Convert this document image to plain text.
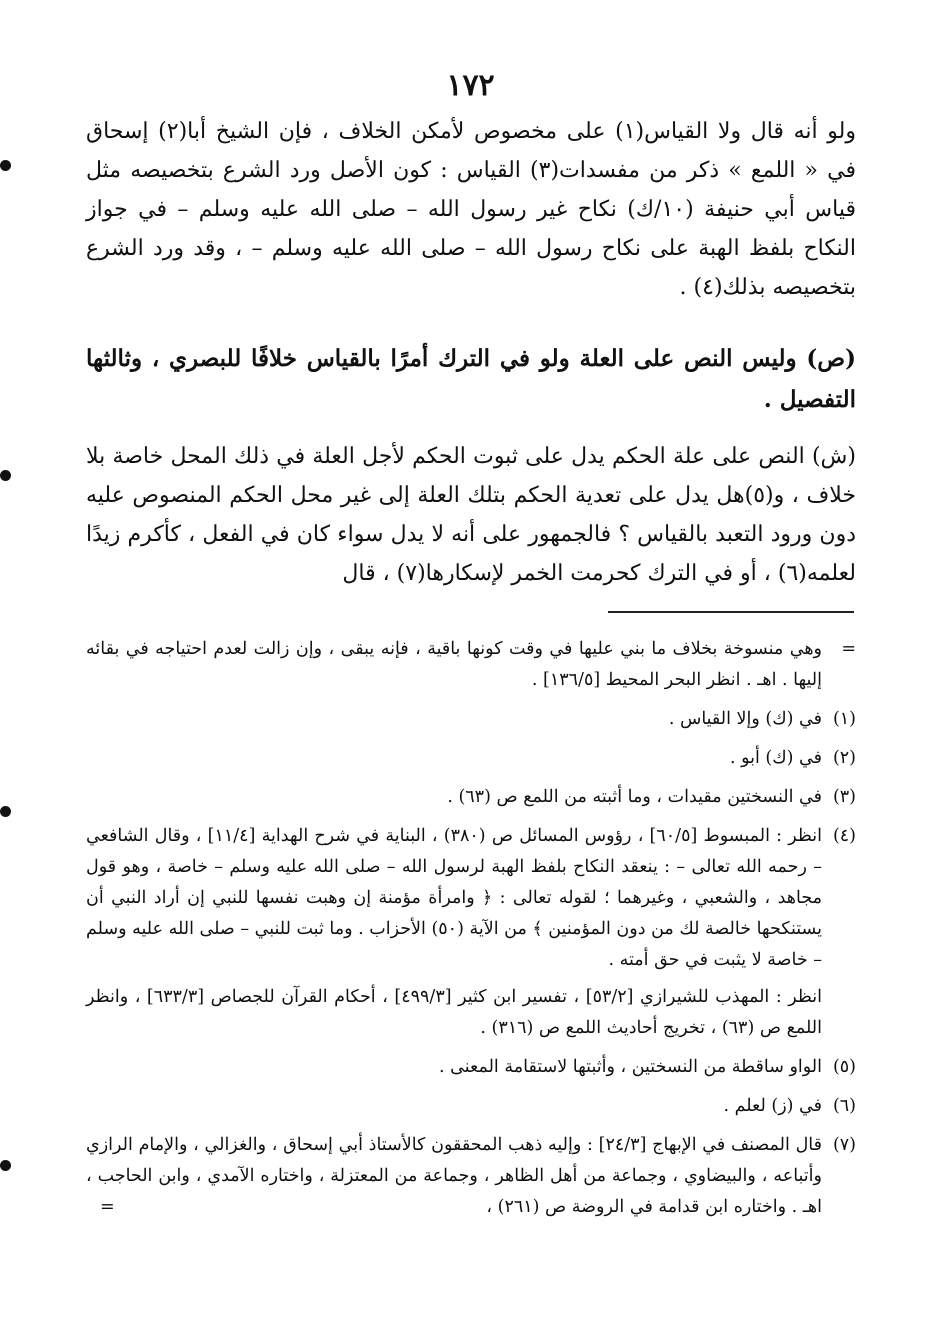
١٧٢

ولو أنه قال ولا القياس(١) على مخصوص لأمكن الخلاف ، فإن الشيخ أبا(٢) إسحاق في « اللمع » ذكر من مفسدات(٣) القياس : كون الأصل ورد الشرع بتخصيصه مثل قياس أبي حنيفة (١٠/ك) نكاح غير رسول الله – صلى الله عليه وسلم – في جواز النكاح بلفظ الهبة على نكاح رسول الله – صلى الله عليه وسلم – ، وقد ورد الشرع بتخصيصه بذلك(٤) .

(ص) وليس النص على العلة ولو في الترك أمرًا بالقياس خلافًا للبصري ، وثالثها التفصيل .

(ش) النص على علة الحكم يدل على ثبوت الحكم لأجل العلة في ذلك المحل خاصة بلا خلاف ، و(٥)هل يدل على تعدية الحكم بتلك العلة إلى غير محل الحكم المنصوص عليه دون ورود التعبد بالقياس ؟ فالجمهور على أنه لا يدل سواء كان في الفعل ، كأكرم زيدًا لعلمه(٦) ، أو في الترك كحرمت الخمر لإسكارها(٧) ، قال

=
وهي منسوخة بخلاف ما بني عليها في وقت كونها باقية ، فإنه يبقى ، وإن زالت لعدم احتياجه في بقائه إليها . اهـ . انظر البحر المحيط [١٣٦/٥] .
(١)
في (ك) وإلا القياس .
(٢)
في (ك) أبو .
(٣)
في النسختين مقيدات ، وما أثبته من اللمع ص (٦٣) .
(٤)
انظر : المبسوط [٦٠/٥] ، رؤوس المسائل ص (٣٨٠) ، البناية في شرح الهداية [١١/٤] ، وقال الشافعي – رحمه الله تعالى – : ينعقد النكاح بلفظ الهبة لرسول الله – صلى الله عليه وسلم – خاصة ، وهو قول مجاهد ، والشعبي ، وغيرهما ؛ لقوله تعالى : ﴿ وامرأة مؤمنة إن وهبت نفسها للنبي إن أراد النبي أن يستنكحها خالصة لك من دون المؤمنين ﴾ من الآية (٥٠) الأحزاب . وما ثبت للنبي – صلى الله عليه وسلم – خاصة لا يثبت في حق أمته .
انظر : المهذب للشيرازي [٥٣/٢] ، تفسير ابن كثير [٤٩٩/٣] ، أحكام القرآن للجصاص [٦٣٣/٣] ، وانظر اللمع ص (٦٣) ، تخريج أحاديث اللمع ص (٣١٦) .
(٥)
الواو ساقطة من النسختين ، وأثبتها لاستقامة المعنى .
(٦)
في (ز) لعلم .
(٧)
قال المصنف في الإبهاج [٢٤/٣] : وإليه ذهب المحققون كالأستاذ أبي إسحاق ، والغزالي ، والإمام الرازي وأتباعه ، والبيضاوي ، وجماعة من أهل الظاهر ، وجماعة من المعتزلة ، واختاره الآمدي ، وابن الحاجب ، اهـ . واختاره ابن قدامة في الروضة ص (٢٦١) ،
=
